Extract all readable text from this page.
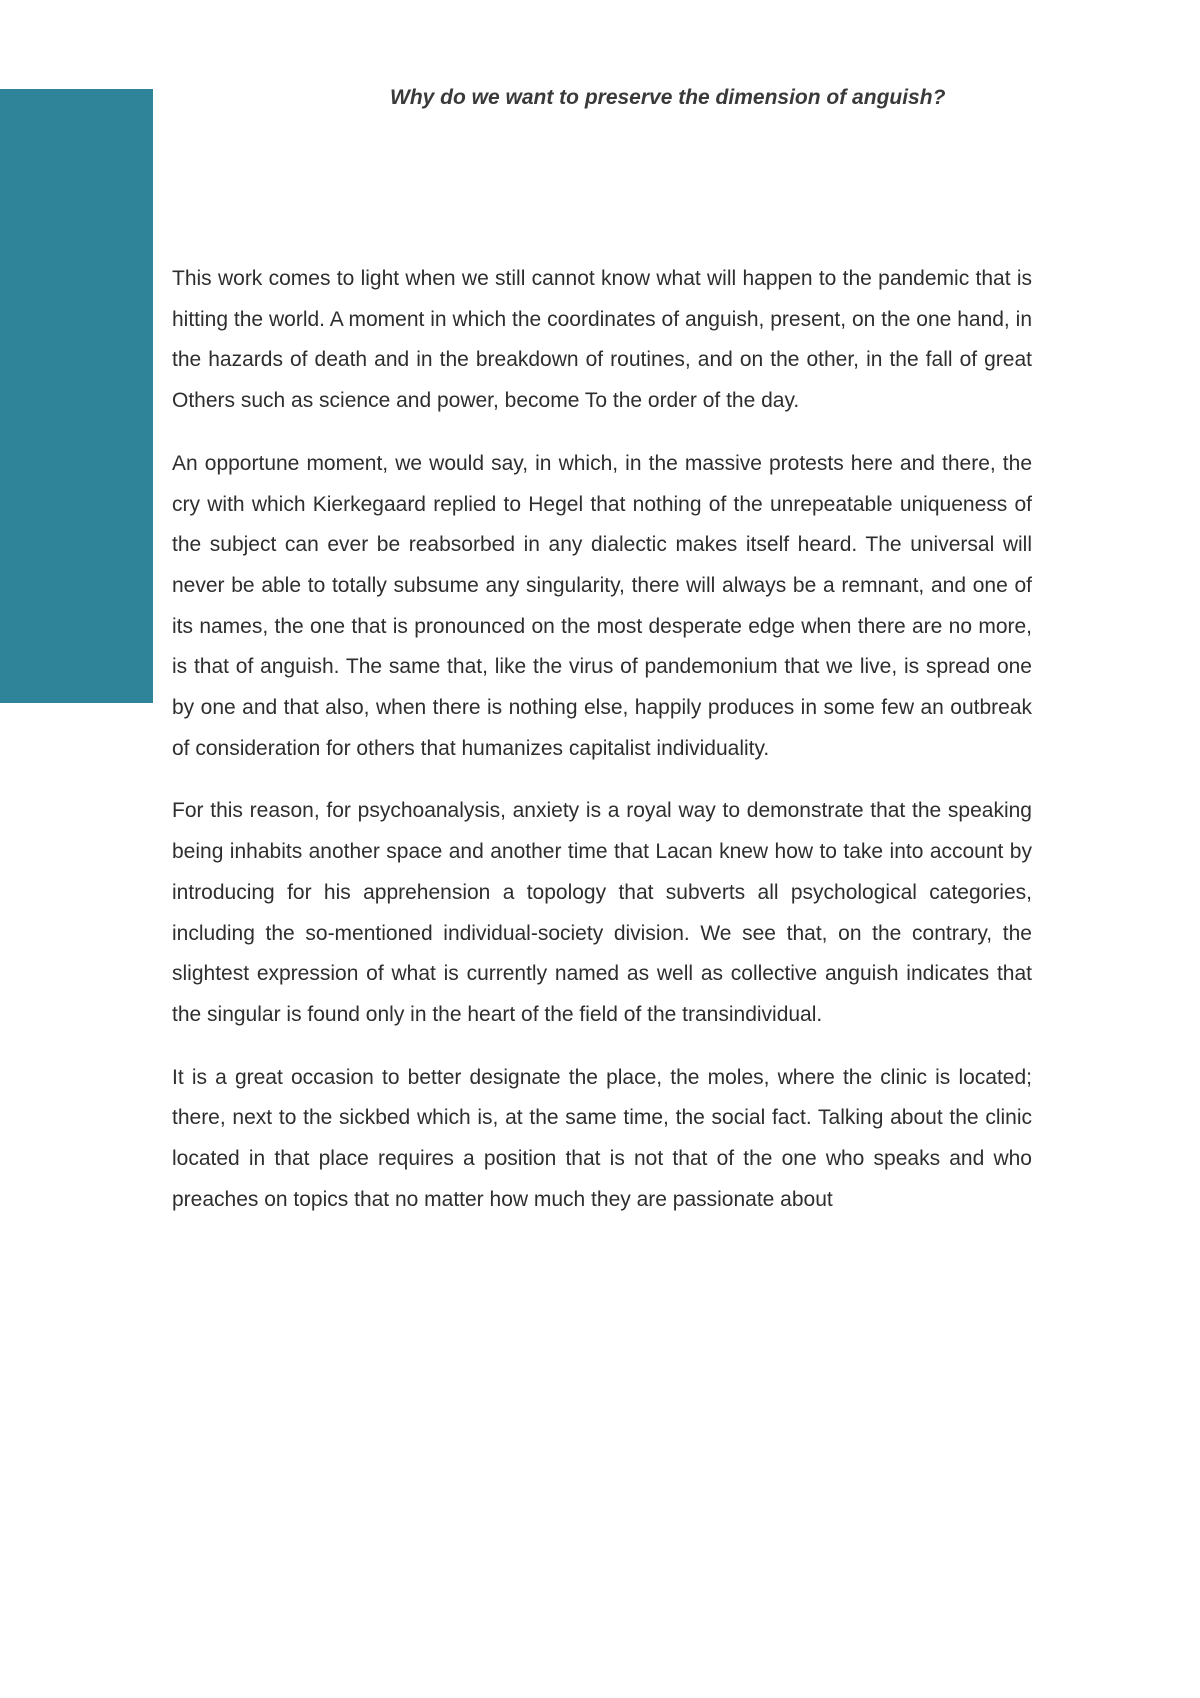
Why do we want to preserve the dimension of anguish?

This work comes to light when we still cannot know what will happen to the pandemic that is hitting the world. A moment in which the coordinates of anguish, present, on the one hand, in the hazards of death and in the breakdown of routines, and on the other, in the fall of great Others such as science and power, become To the order of the day.

An opportune moment, we would say, in which, in the massive protests here and there, the cry with which Kierkegaard replied to Hegel that nothing of the unrepeatable uniqueness of the subject can ever be reabsorbed in any dialectic makes itself heard. The universal will never be able to totally subsume any singularity, there will always be a remnant, and one of its names, the one that is pronounced on the most desperate edge when there are no more, is that of anguish. The same that, like the virus of pandemonium that we live, is spread one by one and that also, when there is nothing else, happily produces in some few an outbreak of consideration for others that humanizes capitalist individuality.

For this reason, for psychoanalysis, anxiety is a royal way to demonstrate that the speaking being inhabits another space and another time that Lacan knew how to take into account by introducing for his apprehension a topology that subverts all psychological categories, including the so-mentioned individual-society division. We see that, on the contrary, the slightest expression of what is currently named as well as collective anguish indicates that the singular is found only in the heart of the field of the transindividual.

It is a great occasion to better designate the place, the moles, where the clinic is located; there, next to the sickbed which is, at the same time, the social fact. Talking about the clinic located in that place requires a position that is not that of the one who speaks and who preaches on topics that no matter how much they are passionate about
